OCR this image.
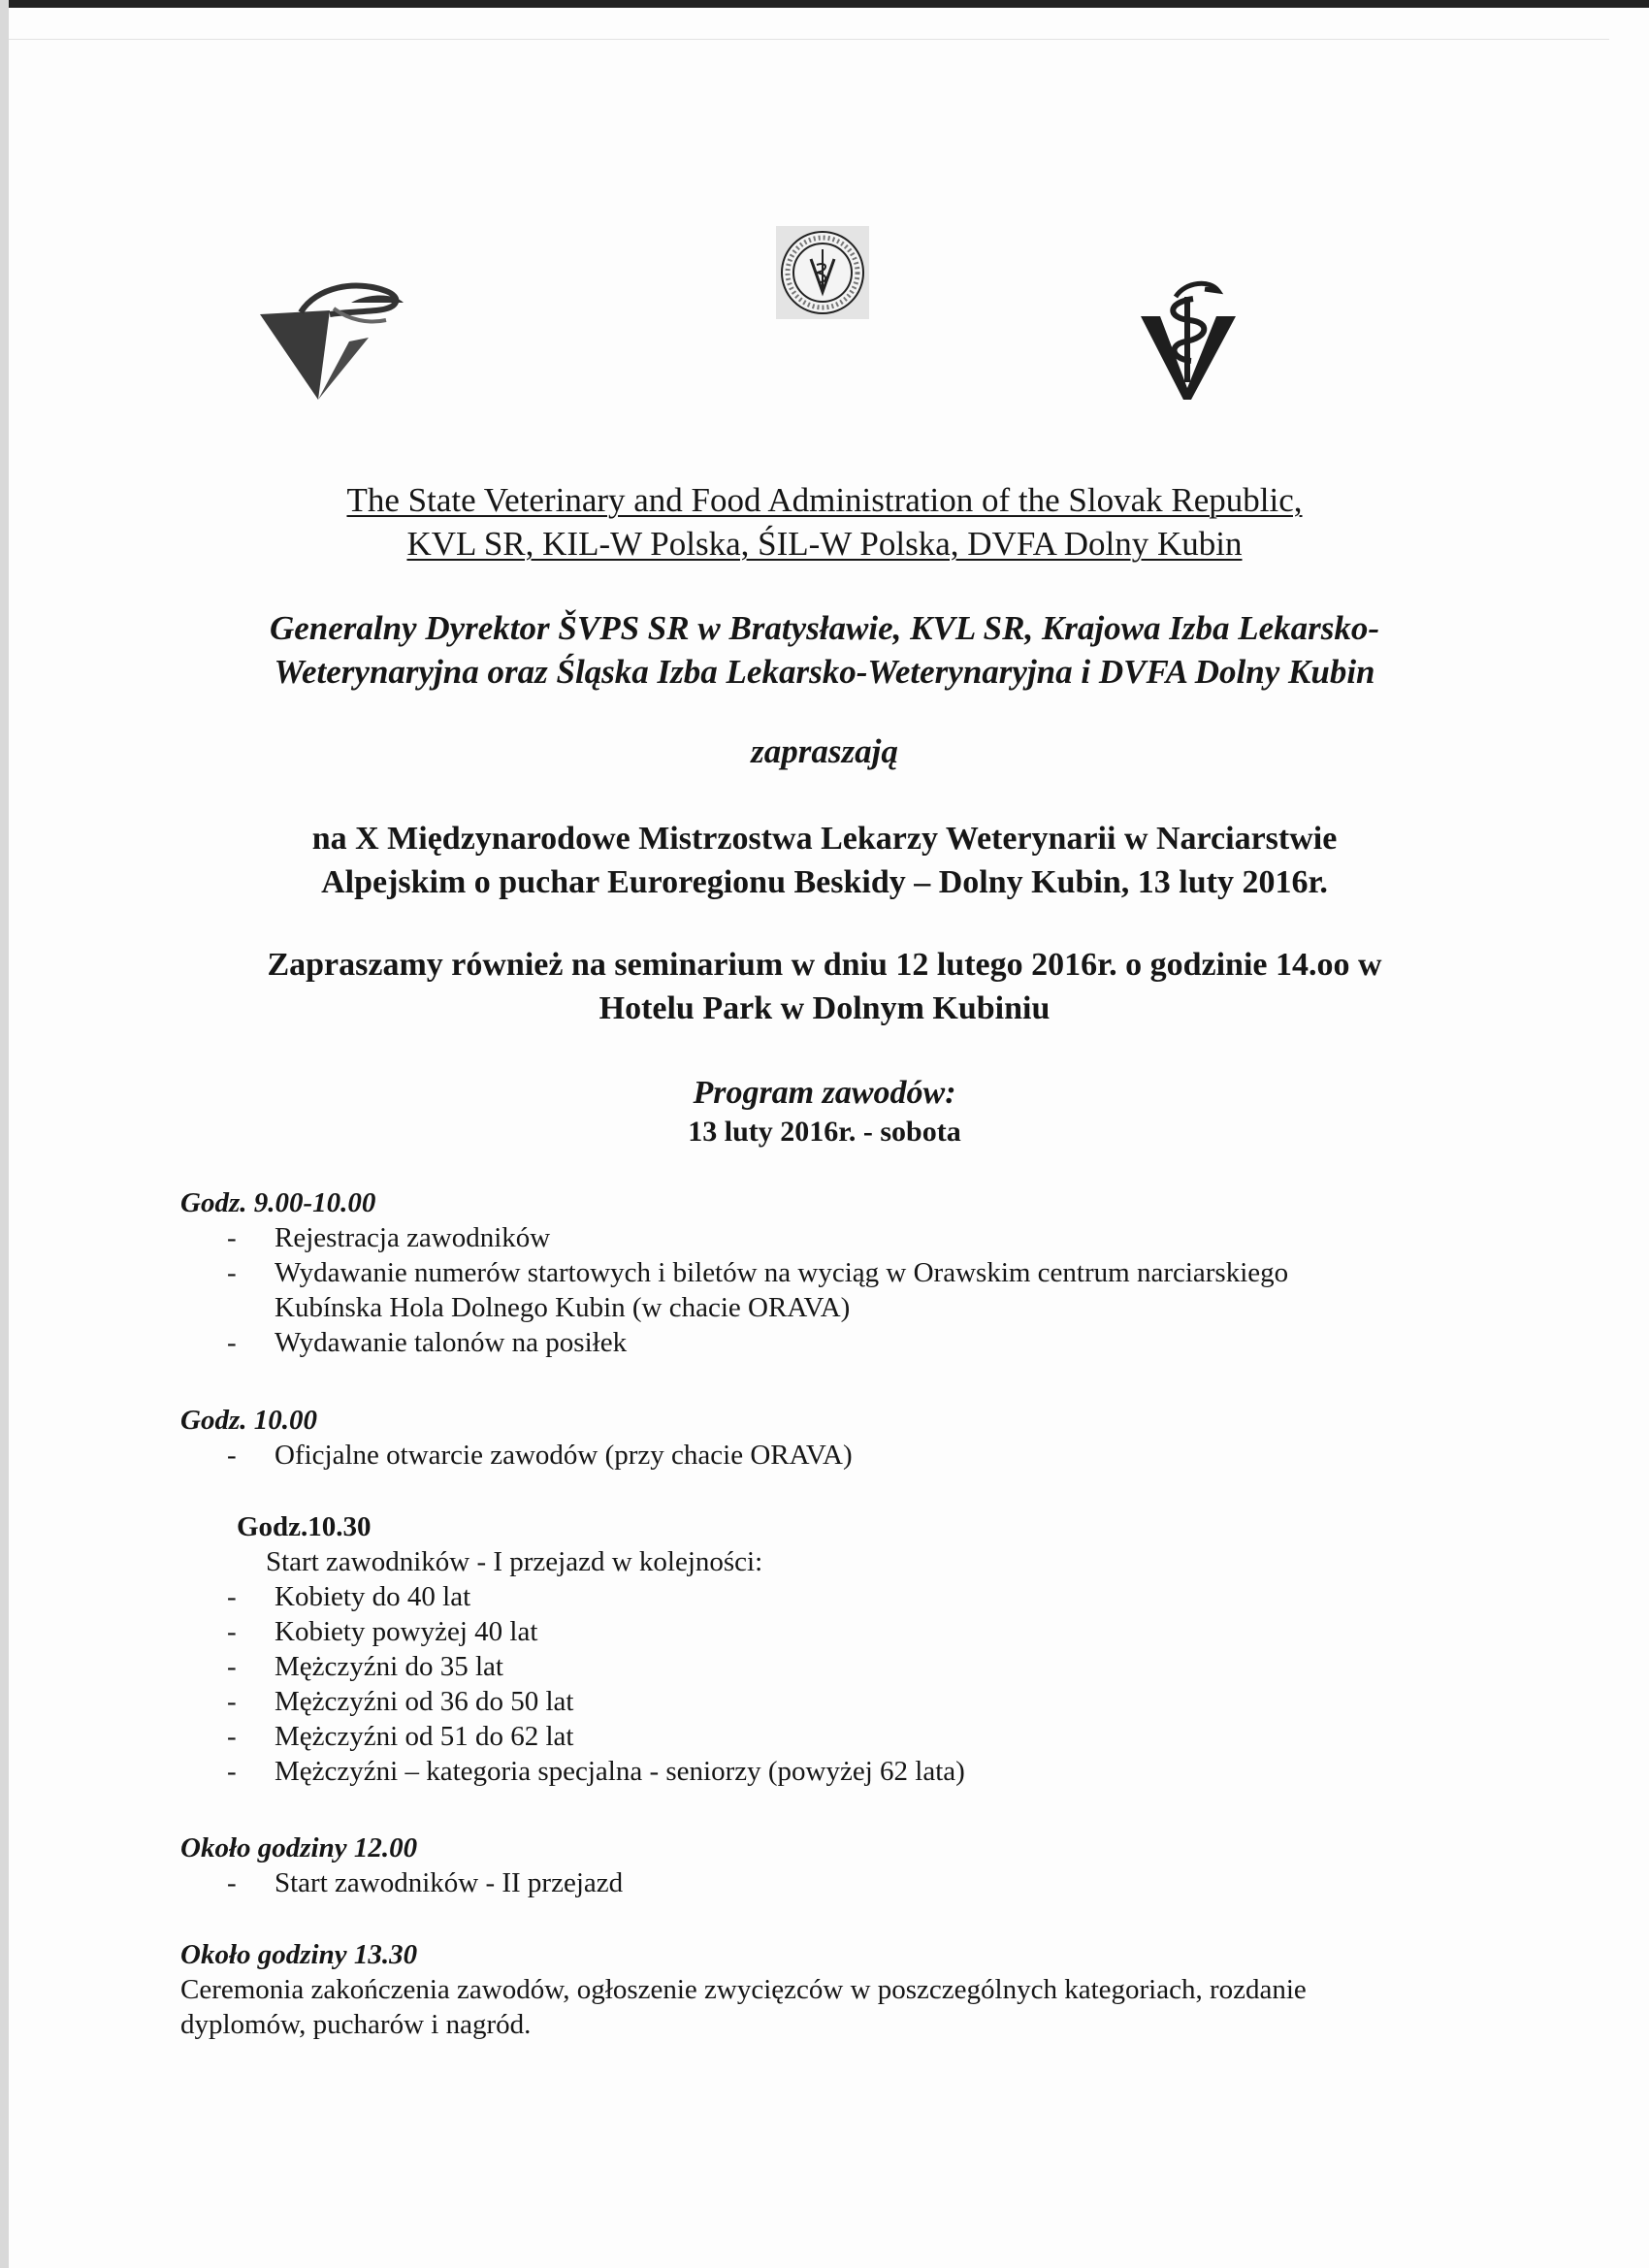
The State Veterinary and Food Administration of the Slovak Republic,
KVL SR, KIL-W Polska, ŚIL-W Polska, DVFA Dolny Kubin
Generalny Dyrektor ŠVPS SR w Bratysławie, KVL SR, Krajowa Izba Lekarsko-
Weterynaryjna oraz Śląska Izba Lekarsko-Weterynaryjna i DVFA Dolny Kubin
zapraszają
na X Międzynarodowe Mistrzostwa Lekarzy Weterynarii w Narciarstwie
Alpejskim o puchar Euroregionu Beskidy – Dolny Kubin, 13 luty 2016r.
Zapraszamy również na seminarium w dniu 12 lutego 2016r. o godzinie 14.oo w
Hotelu Park w Dolnym Kubiniu
Program zawodów:
13 luty 2016r. - sobota
Godz. 9.00-10.00
- Rejestracja zawodników
- Wydawanie numerów startowych i biletów na wyciąg w Orawskim centrum narciarskiego
Kubínska Hola Dolnego Kubin (w chacie ORAVA)
- Wydawanie talonów na posiłek
Godz. 10.00
- Oficjalne otwarcie zawodów (przy chacie ORAVA)
Godz.10.30
Start zawodników - I przejazd w kolejności:
- Kobiety do 40 lat
- Kobiety powyżej 40 lat
- Mężczyźni do 35 lat
- Mężczyźni od 36 do 50 lat
- Mężczyźni od 51 do 62 lat
- Mężczyźni – kategoria specjalna - seniorzy (powyżej 62 lata)
Około godziny 12.00
- Start zawodników - II przejazd
Około godziny 13.30
Ceremonia zakończenia zawodów, ogłoszenie zwycięzców w poszczególnych kategoriach, rozdanie
dyplomów, pucharów i nagród.
